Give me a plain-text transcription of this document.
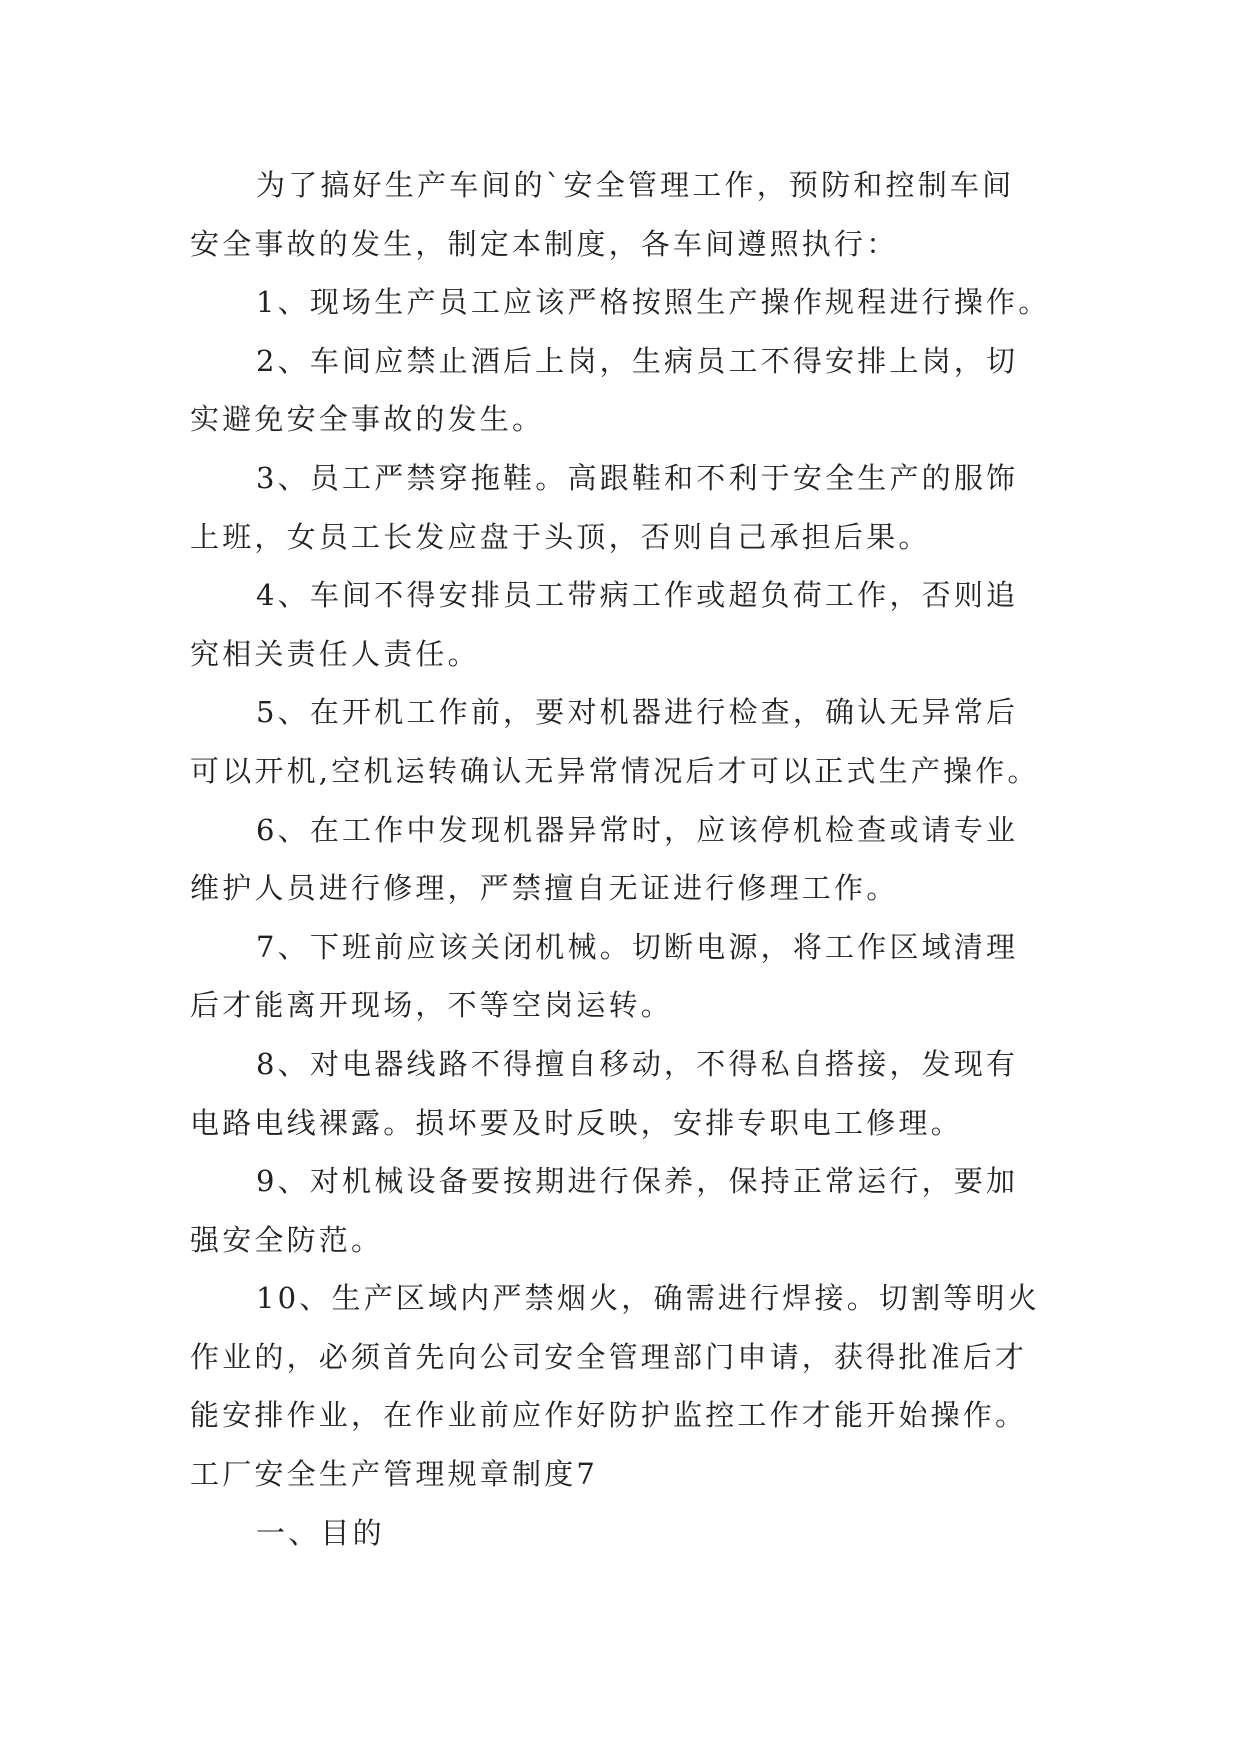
为了搞好生产车间的`安全管理工作，预防和控制车间

安全事故的发生，制定本制度，各车间遵照执行：

1、现场生产员工应该严格按照生产操作规程进行操作。

2、车间应禁止酒后上岗，生病员工不得安排上岗，切

实避免安全事故的发生。

3、员工严禁穿拖鞋。高跟鞋和不利于安全生产的服饰

上班，女员工长发应盘于头顶，否则自己承担后果。

4、车间不得安排员工带病工作或超负荷工作，否则追

究相关责任人责任。

5、在开机工作前，要对机器进行检查，确认无异常后

可以开机,空机运转确认无异常情况后才可以正式生产操作。

6、在工作中发现机器异常时，应该停机检查或请专业

维护人员进行修理，严禁擅自无证进行修理工作。

7、下班前应该关闭机械。切断电源，将工作区域清理

后才能离开现场，不等空岗运转。

8、对电器线路不得擅自移动，不得私自搭接，发现有

电路电线裸露。损坏要及时反映，安排专职电工修理。

9、对机械设备要按期进行保养，保持正常运行，要加

强安全防范。

10、生产区域内严禁烟火，确需进行焊接。切割等明火

作业的，必须首先向公司安全管理部门申请，获得批准后才

能安排作业，在作业前应作好防护监控工作才能开始操作。

工厂安全生产管理规章制度7

一、目的
